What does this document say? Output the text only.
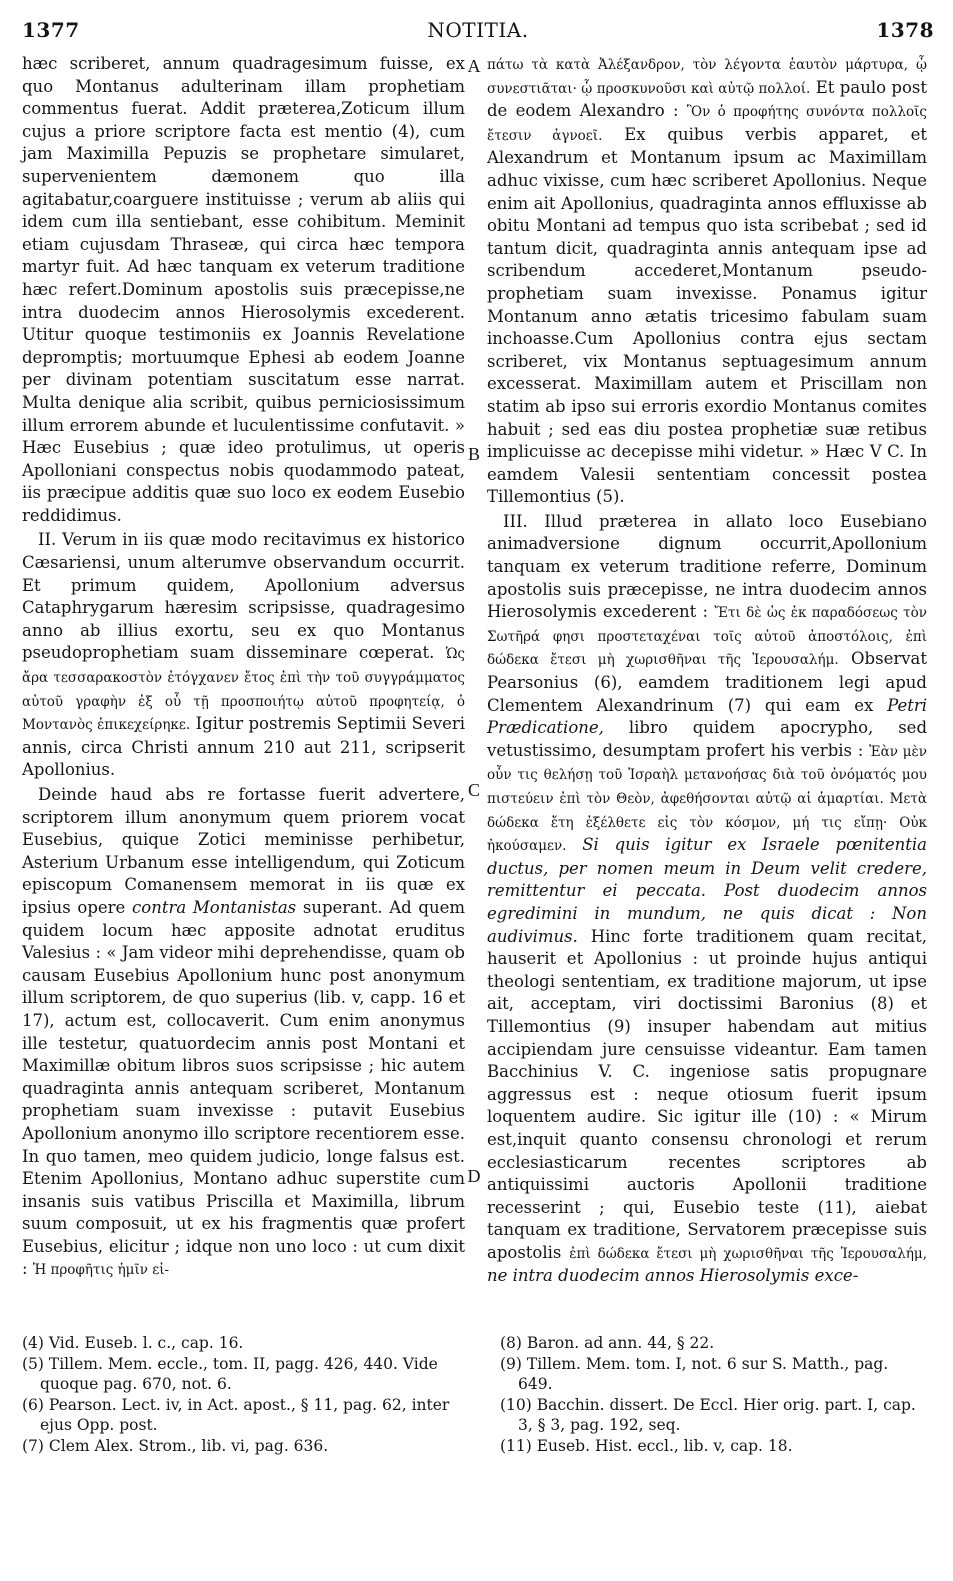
1377	NOTITIA.	1378
A
B
C
D

hæc scriberet, annum quadragesimum fuisse, ex quo Montanus adulterinam illam prophetiam commentus fuerat. Addit præterea,Zoticum illum cujus a priore scriptore facta est mentio (4), cum jam Maximilla Pepuzis se prophetare simularet, supervenientem dæmonem quo illa agitabatur,coarguere instituisse ; verum ab aliis qui idem cum illa sentiebant, esse cohibitum. Meminit etiam cujusdam Thraseæ, qui circa hæc tempora martyr fuit. Ad hæc tanquam ex veterum traditione hæc refert.Dominum apostolis suis præcepisse,ne intra duodecim annos Hierosolymis excederent. Utitur quoque testimoniis ex Joannis Revelatione depromptis; mortuumque Ephesi ab eodem Joanne per divinam potentiam suscitatum esse narrat. Multa denique alia scribit, quibus perniciosissimum illum errorem abunde et luculentissime confutavit. » Hæc Eusebius ; quæ ideo protulimus, ut operis Apolloniani conspectus nobis quodammodo pateat, iis præcipue additis quæ suo loco ex eodem Eusebio reddidimus.

II. Verum in iis quæ modo recitavimus ex historico Cæsariensi, unum alterumve observandum occurrit. Et primum quidem, Apollonium adversus Cataphrygarum hæresim scripsisse, quadragesimo anno ab illius exortu, seu ex quo Montanus pseudoprophetiam suam disseminare cœperat. Ὡς ἄρα τεσσαρακοστὸν ἐτόγχανεν ἔτος ἐπὶ τὴν τοῦ συγγράμματος αὐτοῦ γραφὴν ἐξ οὗ τῇ προσποιήτῳ αὐτοῦ προφητείᾳ, ὁ Μοντανὸς ἐπικεχείρηκε. Igitur postremis Septimii Severi annis, circa Christi annum 210 aut 211, scripserit Apollonius.

Deinde haud abs re fortasse fuerit advertere, scriptorem illum anonymum quem priorem vocat Eusebius, quique Zotici meminisse perhibetur, Asterium Urbanum esse intelligendum, qui Zoticum episcopum Comanensem memorat in iis quæ ex ipsius opere contra Montanistas superant. Ad quem quidem locum hæc apposite adnotat eruditus Valesius : « Jam videor mihi deprehendisse, quam ob causam Eusebius Apollonium hunc post anonymum illum scriptorem, de quo superius (lib. v, capp. 16 et 17), actum est, collocaverit. Cum enim anonymus ille testetur, quatuordecim annis post Montani et Maximillæ obitum libros suos scripsisse ; hic autem quadraginta annis antequam scriberet, Montanum prophetiam suam invexisse : putavit Eusebius Apollonium anonymo illo scriptore recentiorem esse. In quo tamen, meo quidem judicio, longe falsus est. Etenim Apollonius, Montano adhuc superstite cum insanis suis vatibus Priscilla et Maximilla, librum suum composuit, ut ex his fragmentis quæ profert Eusebius, elicitur ; idque non uno loco : ut cum dixit : Ἡ προφῆτις ἡμῖν εἰ-

πάτω τὰ κατὰ Ἀλέξανδρον, τὸν λέγοντα ἑαυτὸν μάρτυρα, ᾧ συνεστιᾶται· ᾧ προσκυνοῦσι καὶ αὐτῷ πολλοί. Et paulo post de eodem Alexandro : Ὃν ὁ προφήτης συνόντα πολλοῖς ἔτεσιν ἀγνοεῖ. Ex quibus verbis apparet, et Alexandrum et Montanum ipsum ac Maximillam adhuc vixisse, cum hæc scriberet Apollonius. Neque enim ait Apollonius, quadraginta annos effluxisse ab obitu Montani ad tempus quo ista scribebat ; sed id tantum dicit, quadraginta annis antequam ipse ad scribendum accederet,Montanum pseudo-prophetiam suam invexisse. Ponamus igitur Montanum anno ætatis tricesimo fabulam suam inchoasse.Cum Apollonius contra ejus sectam scriberet, vix Montanus septuagesimum annum excesserat. Maximillam autem et Priscillam non statim ab ipso sui erroris exordio Montanus comites habuit ; sed eas diu postea prophetiæ suæ retibus implicuisse ac decepisse mihi videtur. » Hæc V C. In eamdem Valesii sententiam concessit postea Tillemontius (5).

III. Illud præterea in allato loco Eusebiano animadversione dignum occurrit,Apollonium tanquam ex veterum traditione referre, Dominum apostolis suis præcepisse, ne intra duodecim annos Hierosolymis excederent : Ἔτι δὲ ὡς ἐκ παραδόσεως τὸν Σωτῆρά φησι προστεταχέναι τοῖς αὐτοῦ ἀποστόλοις, ἐπὶ δώδεκα ἔτεσι μὴ χωρισθῆναι τῆς Ἱερουσαλήμ. Observat Pearsonius (6), eamdem traditionem legi apud Clementem Alexandrinum (7) qui eam ex Petri Prædicatione, libro quidem apocrypho, sed vetustissimo, desumptam profert his verbis : Ἐὰν μὲν οὖν τις θελήσῃ τοῦ Ἰσραὴλ μετανοήσας διὰ τοῦ ὀνόματός μου πιστεύειν ἐπὶ τὸν Θεὸν, ἀφεθήσονται αὐτῷ αἱ ἁμαρτίαι. Μετὰ δώδεκα ἔτη ἐξέλθετε εἰς τὸν κόσμον, μή τις εἴπῃ· Οὐκ ἠκούσαμεν. Si quis igitur ex Israele pœnitentia ductus, per nomen meum in Deum velit credere, remittentur ei peccata. Post duodecim annos egredimini in mundum, ne quis dicat : Non audivimus. Hinc forte traditionem quam recitat, hauserit et Apollonius : ut proinde hujus antiqui theologi sententiam, ex traditione majorum, ut ipse ait, acceptam, viri doctissimi Baronius (8) et Tillemontius (9) insuper habendam aut mitius accipiendam jure censuisse videantur. Eam tamen Bacchinius V. C. ingeniose satis propugnare aggressus est : neque otiosum fuerit ipsum loquentem audire. Sic igitur ille (10) : « Mirum est,inquit quanto consensu chronologi et rerum ecclesiasticarum recentes scriptores ab antiquissimi auctoris Apollonii traditione recesserint ; qui, Eusebio teste (11), aiebat tanquam ex traditione, Servatorem præcepisse suis apostolis ἐπὶ δώδεκα ἔτεσι μὴ χωρισθῆναι τῆς Ἱερουσαλήμ, ne intra duodecim annos Hierosolymis exce-

(4) Vid. Euseb. l. c., cap. 16.

(5) Tillem. Mem. eccle., tom. II, pagg. 426, 440. Vide quoque pag. 670, not. 6.

(6) Pearson. Lect. iv, in Act. apost., § 11, pag. 62, inter ejus Opp. post.

(7) Clem Alex. Strom., lib. vi, pag. 636.

(8) Baron. ad ann. 44, § 22.

(9) Tillem. Mem. tom. I, not. 6 sur S. Matth., pag. 649.

(10) Bacchin. dissert. De Eccl. Hier orig. part. I, cap. 3, § 3, pag. 192, seq.

(11) Euseb. Hist. eccl., lib. v, cap. 18.
